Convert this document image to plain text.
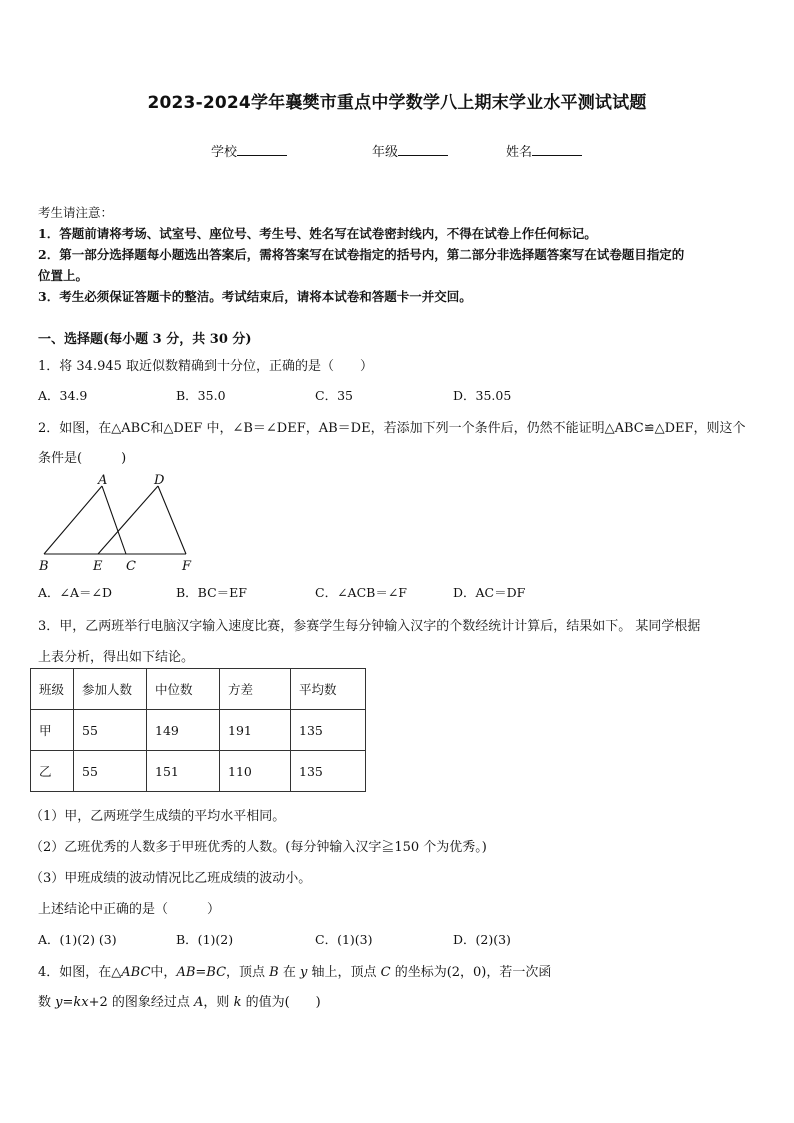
2023-2024学年襄樊市重点中学数学八上期末学业水平测试试题
学校	年级	姓名
考生请注意：
1．答题前请将考场、试室号、座位号、考生号、姓名写在试卷密封线内，不得在试卷上作任何标记。
2．第一部分选择题每小题选出答案后，需将答案写在试卷指定的括号内，第二部分非选择题答案写在试卷题目指定的
位置上。
3．考生必须保证答题卡的整洁。考试结束后，请将本试卷和答题卡一并交回。
一、选择题(每小题 3 分，共 30 分)
1．将 34.945 取近似数精确到十分位，正确的是（　　）
A．34.9	B．35.0	C．35	D．35.05
2．如图，在△ABC和△DEF 中，∠B＝∠DEF，AB＝DE，若添加下列一个条件后，仍然不能证明△ABC≌△DEF，则这个
条件是(　　　)
A	D
B	E C	F
A．∠A＝∠D	B．BC＝EF	C．∠ACB＝∠F	D．AC＝DF
3．甲，乙两班举行电脑汉字输入速度比赛，参赛学生每分钟输入汉字的个数经统计计算后，结果如下。 某同学根据
上表分析，得出如下结论。
班级	参加人数	中位数	方差	平均数
甲	55	149	191	135
乙	55	151	110	135
（1）甲，乙两班学生成绩的平均水平相同。
（2）乙班优秀的人数多于甲班优秀的人数。(每分钟输入汉字≧150 个为优秀。)
（3）甲班成绩的波动情况比乙班成绩的波动小。
上述结论中正确的是（　　　）
A．(1)(2) (3)	B．(1)(2)	C．(1)(3)	D．(2)(3)
4．如图，在△ABC中，AB=BC，顶点 B 在 y 轴上，顶点 C 的坐标为(2，0)，若一次函
数 y=kx+2 的图象经过点 A，则 k 的值为(　　)
